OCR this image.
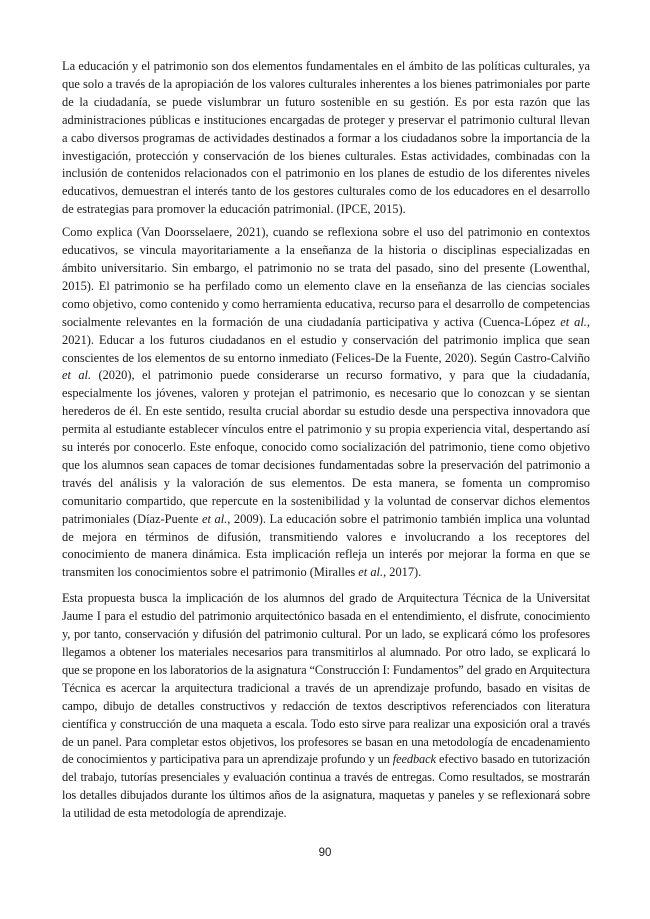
La educación y el patrimonio son dos elementos fundamentales en el ámbito de las políticas culturales, ya que solo a través de la apropiación de los valores culturales inherentes a los bienes patrimoniales por parte de la ciudadanía, se puede vislumbrar un futuro sostenible en su gestión. Es por esta razón que las administraciones públicas e instituciones encargadas de proteger y preservar el patrimonio cultural llevan a cabo diversos programas de actividades destinados a formar a los ciudadanos sobre la importancia de la investigación, protección y conservación de los bienes culturales. Estas actividades, combinadas con la inclusión de contenidos relacionados con el patrimonio en los planes de estudio de los diferentes niveles educativos, demuestran el interés tanto de los gestores culturales como de los educadores en el desarrollo de estrategias para promover la educación patrimonial. (IPCE, 2015).

Como explica (Van Doorsselaere, 2021), cuando se reflexiona sobre el uso del patrimonio en contextos educativos, se vincula mayoritariamente a la enseñanza de la historia o disciplinas especializadas en ámbito universitario. Sin embargo, el patrimonio no se trata del pasado, sino del presente (Lowenthal, 2015). El patrimonio se ha perfilado como un elemento clave en la enseñanza de las ciencias sociales como objetivo, como contenido y como herramienta educativa, recurso para el desarrollo de competencias socialmente relevantes en la formación de una ciudadanía participativa y activa (Cuenca-López et al., 2021). Educar a los futuros ciudadanos en el estudio y conservación del patrimonio implica que sean conscientes de los elementos de su entorno inmediato (Felices-De la Fuente, 2020). Según Castro-Calviño et al. (2020), el patrimonio puede considerarse un recurso formativo, y para que la ciudadanía, especialmente los jóvenes, valoren y protejan el patrimonio, es necesario que lo conozcan y se sientan herederos de él. En este sentido, resulta crucial abordar su estudio desde una perspectiva innovadora que permita al estudiante establecer vínculos entre el patrimonio y su propia experiencia vital, despertando así su interés por conocerlo. Este enfoque, conocido como socialización del patrimonio, tiene como objetivo que los alumnos sean capaces de tomar decisiones fundamentadas sobre la preservación del patrimonio a través del análisis y la valoración de sus elementos. De esta manera, se fomenta un compromiso comunitario compartido, que repercute en la sostenibilidad y la voluntad de conservar dichos elementos patrimoniales (Díaz-Puente et al., 2009). La educación sobre el patrimonio también implica una voluntad de mejora en términos de difusión, transmitiendo valores e involucrando a los receptores del conocimiento de manera dinámica. Esta implicación refleja un interés por mejorar la forma en que se transmiten los conocimientos sobre el patrimonio (Miralles et al., 2017).

Esta propuesta busca la implicación de los alumnos del grado de Arquitectura Técnica de la Universitat Jaume I para el estudio del patrimonio arquitectónico basada en el entendimiento, el disfrute, conocimiento y, por tanto, conservación y difusión del patrimonio cultural. Por un lado, se explicará cómo los profesores llegamos a obtener los materiales necesarios para transmitirlos al alumnado. Por otro lado, se explicará lo que se propone en los laboratorios de la asignatura “Construcción I: Fundamentos” del grado en Arquitectura Técnica es acercar la arquitectura tradicional a través de un aprendizaje profundo, basado en visitas de campo, dibujo de detalles constructivos y redacción de textos descriptivos referenciados con literatura científica y construcción de una maqueta a escala. Todo esto sirve para realizar una exposición oral a través de un panel. Para completar estos objetivos, los profesores se basan en una metodología de encadenamiento de conocimientos y participativa para un aprendizaje profundo y un feedback efectivo basado en tutorización del trabajo, tutorías presenciales y evaluación continua a través de entregas. Como resultados, se mostrarán los detalles dibujados durante los últimos años de la asignatura, maquetas y paneles y se reflexionará sobre la utilidad de esta metodología de aprendizaje.

90
